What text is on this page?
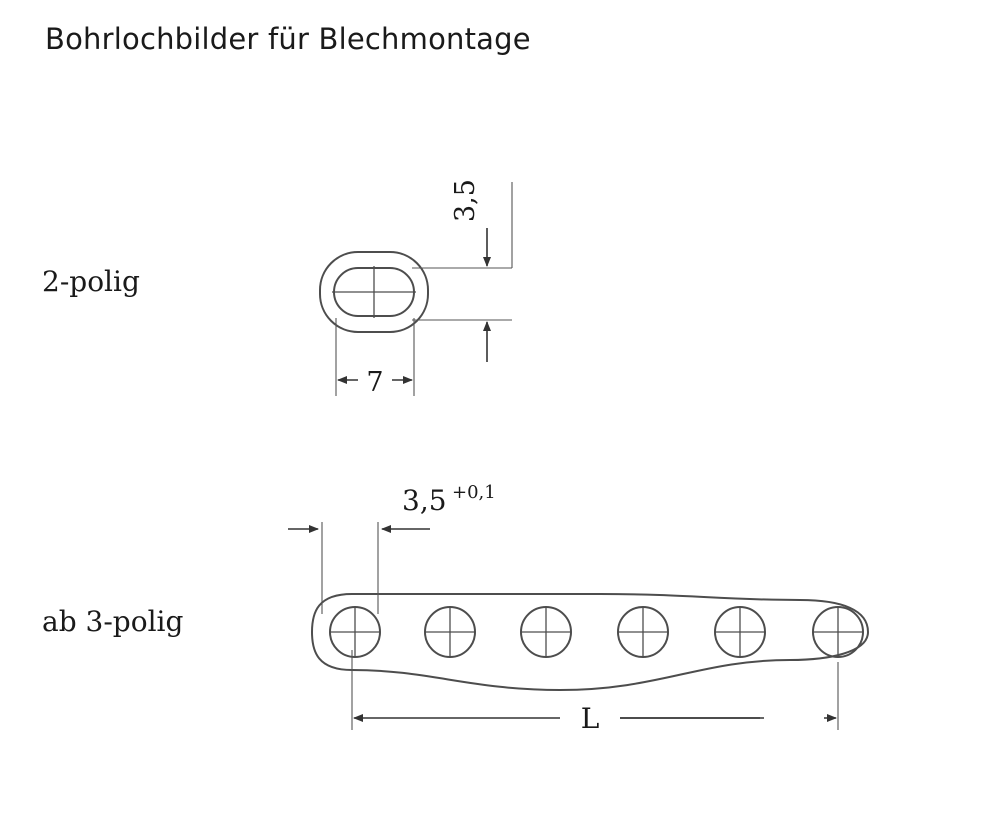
Bohrlochbilder für Blechmontage
2-polig
ab 3-polig
3,5
7
3,5 +0,1
L
